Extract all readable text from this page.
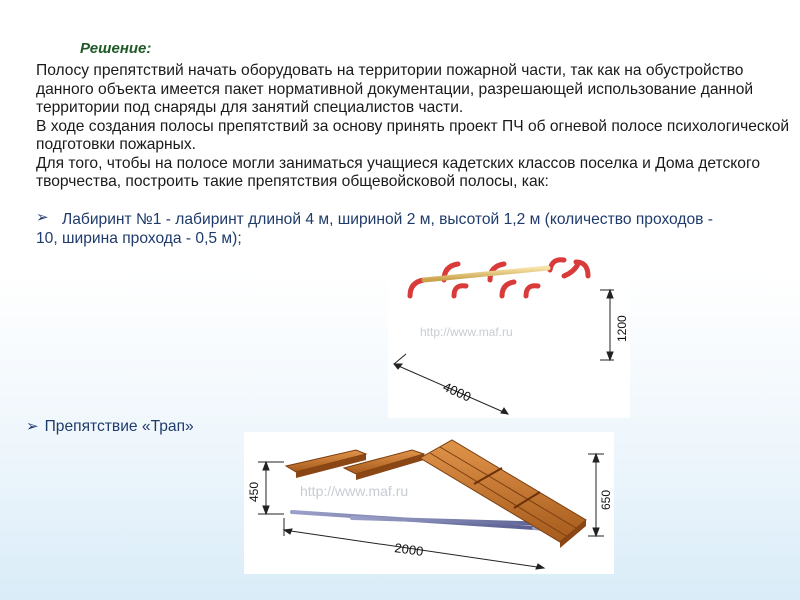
Решение:

Полосу препятствий начать оборудовать на территории пожарной части, так как на обустройство данного объекта имеется пакет нормативной документации, разрешающей использование данной территории под снаряды для занятий специалистов части.

В ходе создания полосы препятствий за основу принять проект ПЧ об огневой полосе психологической подготовки пожарных.

Для того, чтобы на полосе могли заниматься учащиеся кадетских классов поселка и Дома детского творчества, построить такие препятствия общевойсковой полосы, как:

➢ Лабиринт №1 - лабиринт длиной 4 м, шириной 2 м, высотой 1,2 м (количество проходов - 10, ширина прохода - 0,5 м);
➢ Препятствие «Трап»
4000
1200
http://www.maf.ru
450	650
2000
http://www.maf.ru
